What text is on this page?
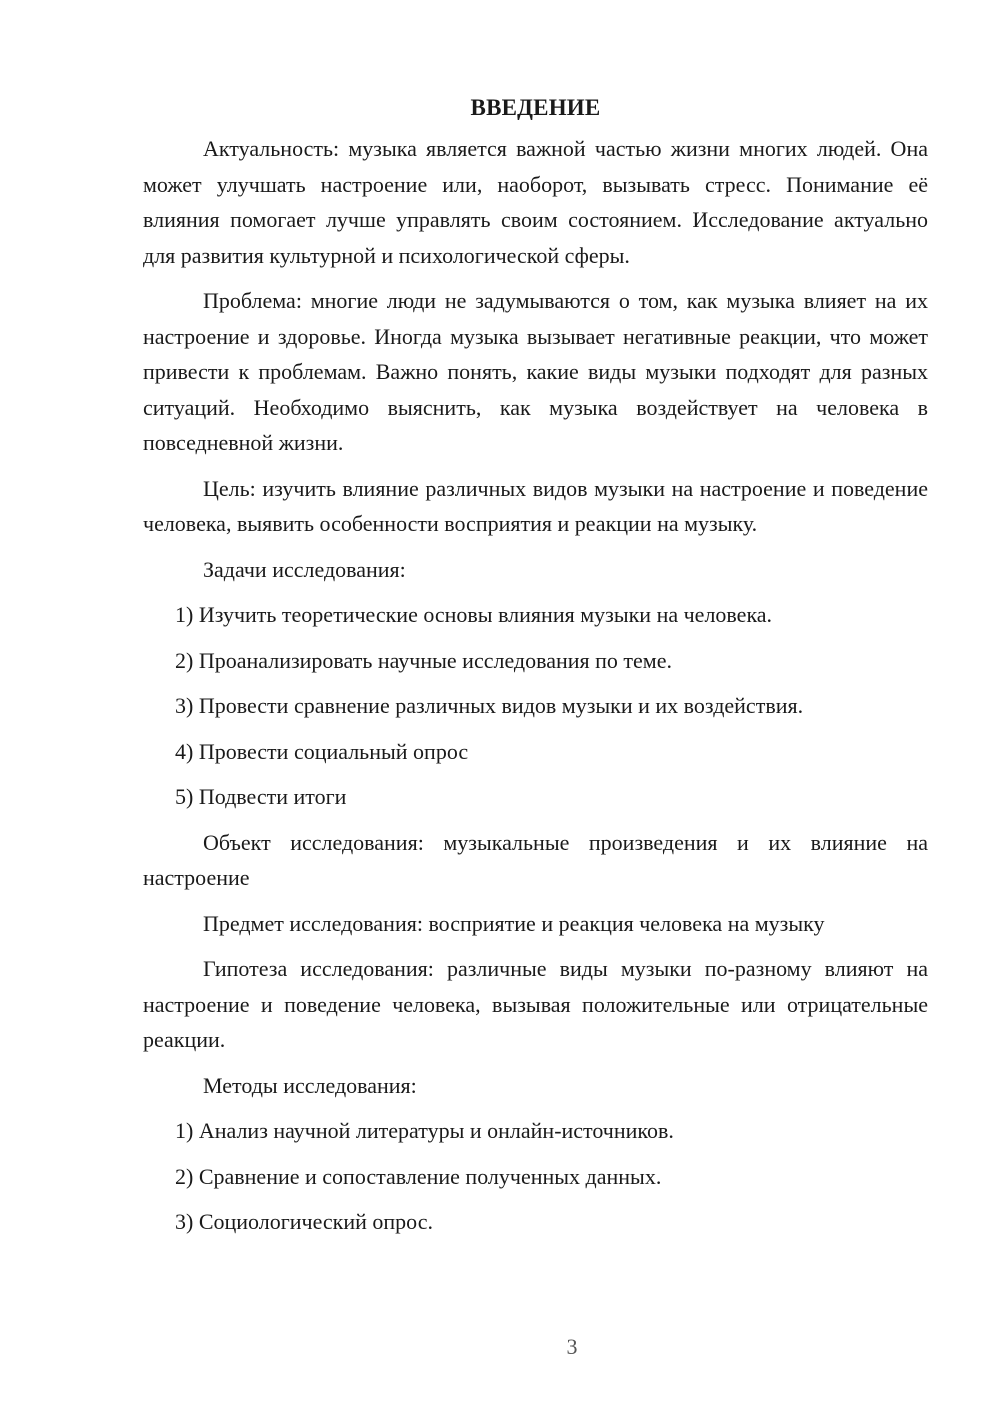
ВВЕДЕНИЕ

Актуальность: музыка является важной частью жизни многих людей. Она может улучшать настроение или, наоборот, вызывать стресс. Понимание её влияния помогает лучше управлять своим состоянием. Исследование актуально для развития культурной и психологической сферы.

Проблема: многие люди не задумываются о том, как музыка влияет на их настроение и здоровье. Иногда музыка вызывает негативные реакции, что может привести к проблемам. Важно понять, какие виды музыки подходят для разных ситуаций. Необходимо выяснить, как музыка воздействует на человека в повседневной жизни.

Цель: изучить влияние различных видов музыки на настроение и поведение человека, выявить особенности восприятия и реакции на музыку.

Задачи исследования:

1) Изучить теоретические основы влияния музыки на человека.

2) Проанализировать научные исследования по теме.

3) Провести сравнение различных видов музыки и их воздействия.

4) Провести социальный опрос

5) Подвести итоги

Объект исследования: музыкальные произведения и их влияние на настроение

Предмет исследования: восприятие и реакция человека на музыку

Гипотеза исследования: различные виды музыки по-разному влияют на настроение и поведение человека, вызывая положительные или отрицательные реакции.

Методы исследования:

1) Анализ научной литературы и онлайн-источников.

2) Сравнение и сопоставление полученных данных.

3) Социологический опрос.

3
